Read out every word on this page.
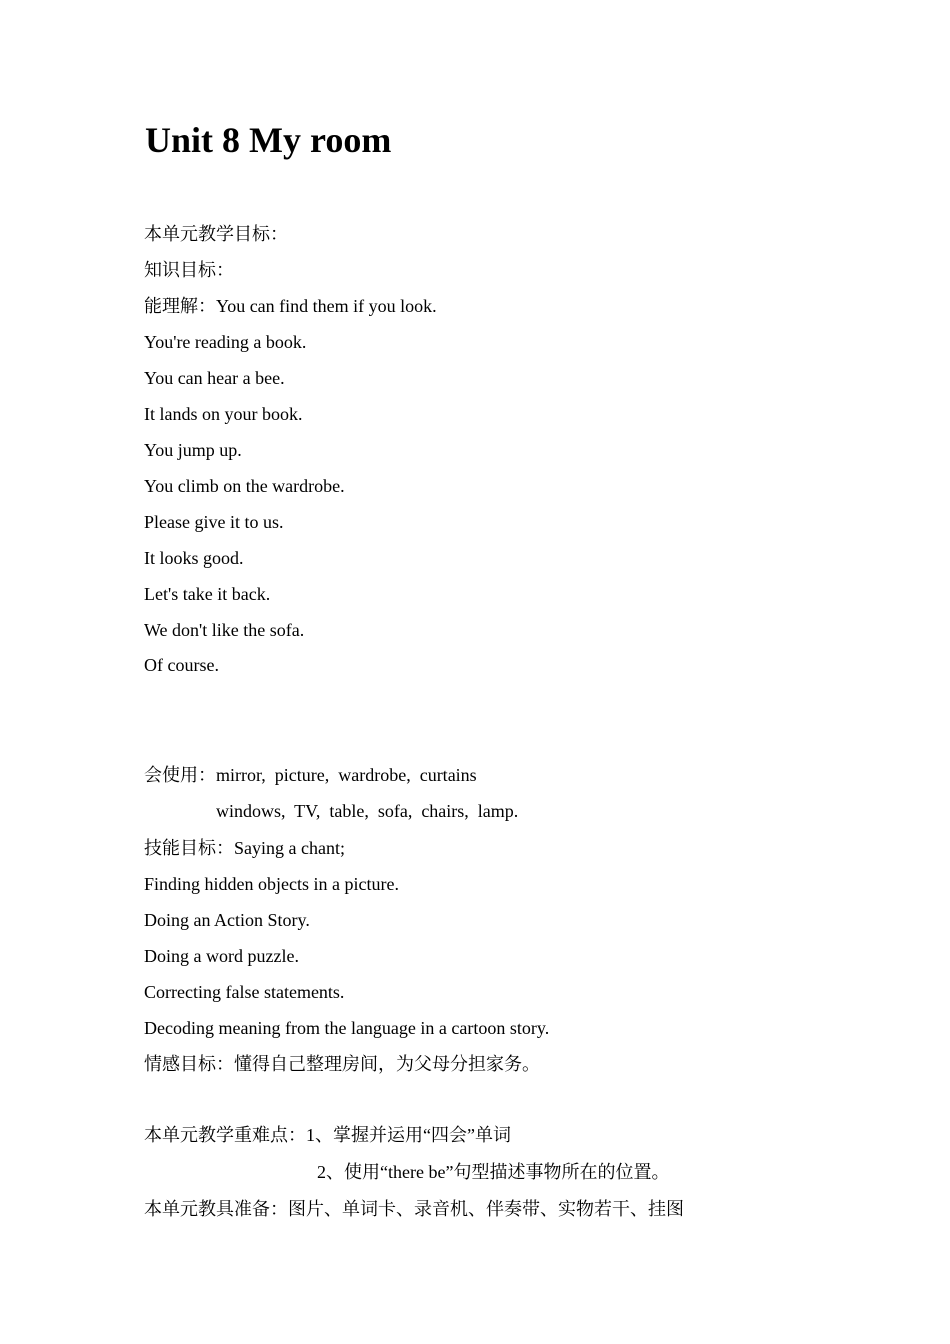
Unit 8 My room

本单元教学目标：

知识目标：

能理解：You can find them if you look.

You're reading a book.

You can hear a bee.

It lands on your book.

You jump up.

You climb on the wardrobe.

Please give it to us.

It looks good.

Let's take it back.

We don't like the sofa.

Of course.

会使用：mirror,  picture,  wardrobe,  curtains

windows,  TV,  table,  sofa,  chairs,  lamp.

技能目标：Saying a chant;

Finding hidden objects in a picture.

Doing an Action Story.

Doing a word puzzle.

Correcting false statements.

Decoding meaning from the language in a cartoon story.

情感目标：懂得自己整理房间，为父母分担家务。

本单元教学重难点：1、掌握并运用“四会”单词

2、使用“there be”句型描述事物所在的位置。

本单元教具准备：图片、单词卡、录音机、伴奏带、实物若干、挂图
